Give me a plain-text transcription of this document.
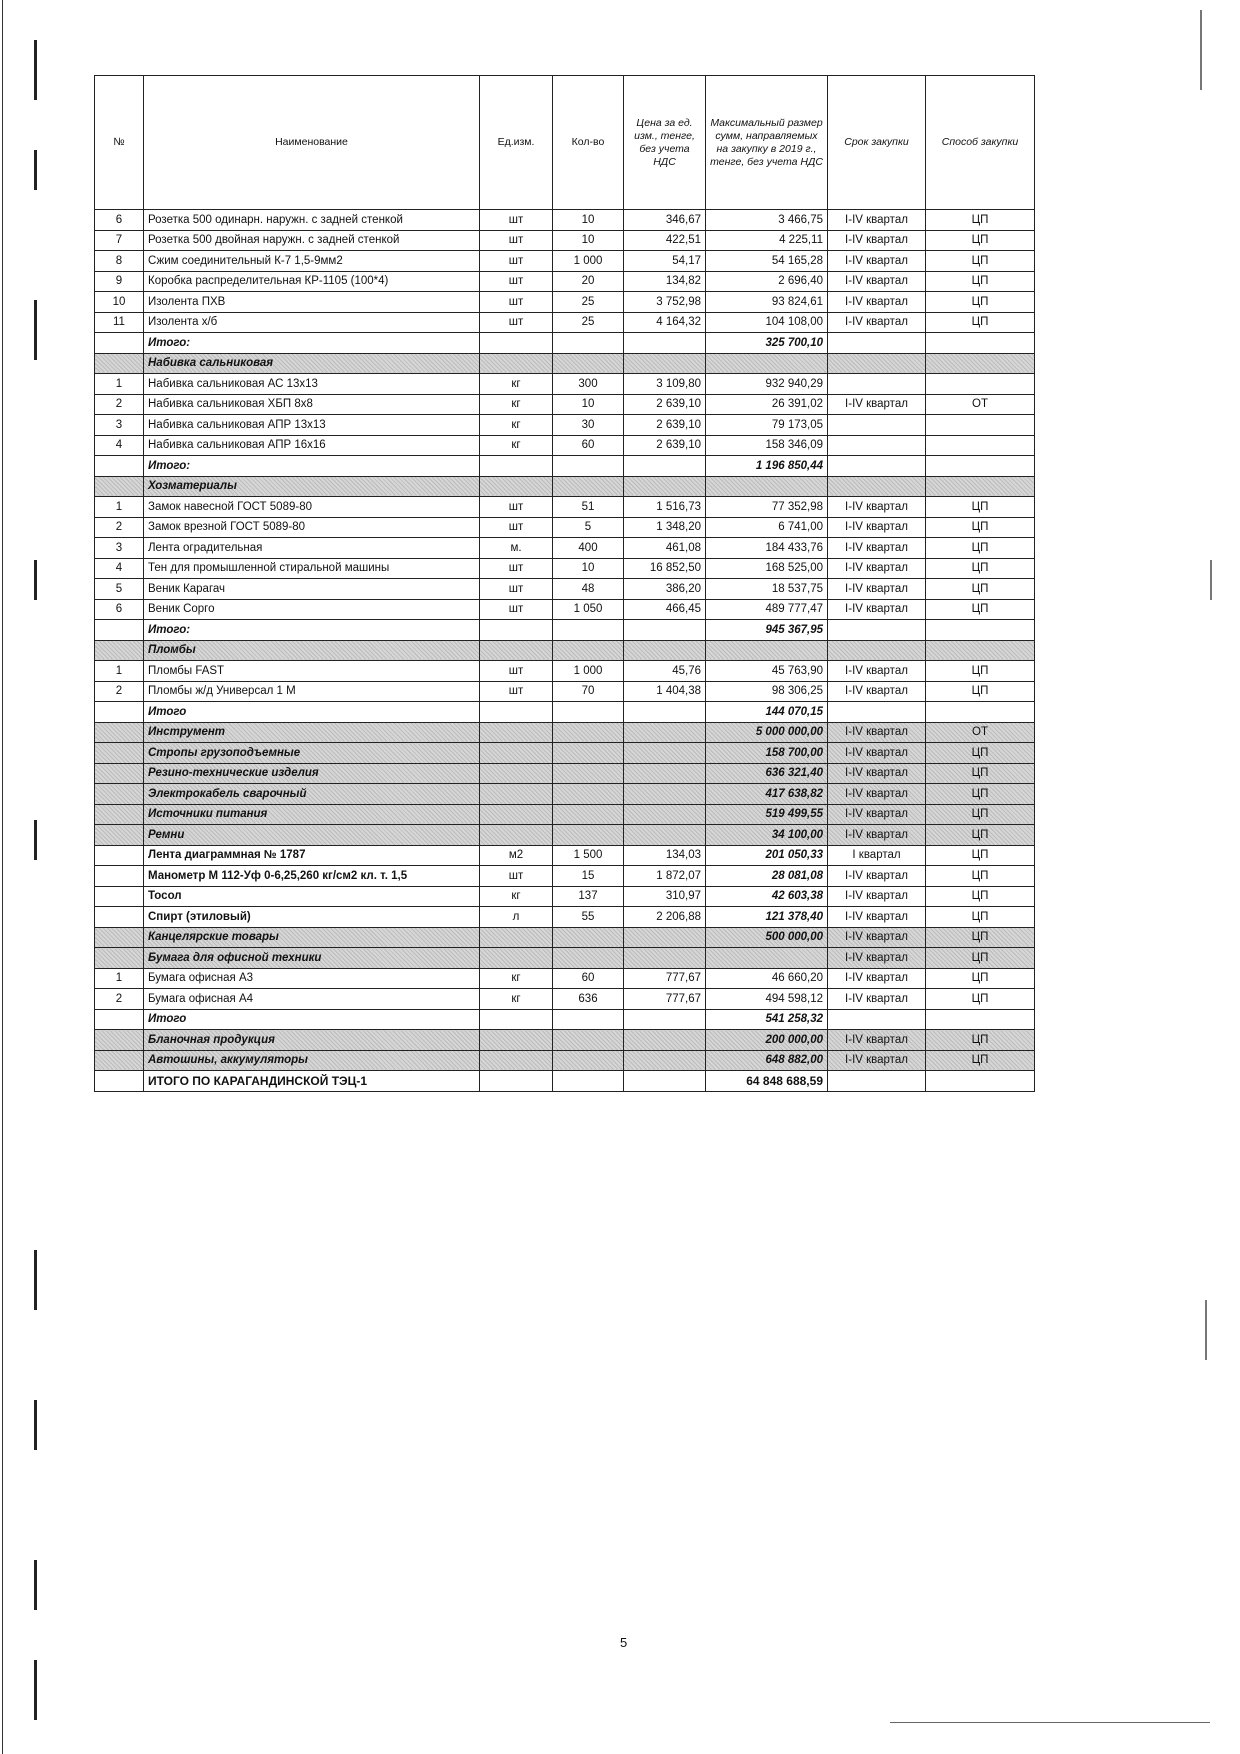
№	Наименование	Ед.изм.	Кол-во	Цена за ед. изм., тенге, без учета НДС	Максимальный размер сумм, направляемых на закупку в 2019 г., тенге, без учета НДС	Срок закупки	Способ закупки
6	Розетка 500 одинарн. наружн. с задней стенкой	шт	10	346,67	3 466,75	I-IV квартал	ЦП
7	Розетка 500 двойная наружн. с задней стенкой	шт	10	422,51	4 225,11	I-IV квартал	ЦП
8	Сжим соединительный К-7 1,5-9мм2	шт	1 000	54,17	54 165,28	I-IV квартал	ЦП
9	Коробка распределительная КР-1105 (100*4)	шт	20	134,82	2 696,40	I-IV квартал	ЦП
10	Изолента ПХВ	шт	25	3 752,98	93 824,61	I-IV квартал	ЦП
11	Изолента х/б	шт	25	4 164,32	104 108,00	I-IV квартал	ЦП
	Итого:				325 700,10		
	Набивка сальниковая						
1	Набивка сальниковая АС 13х13	кг	300	3 109,80	932 940,29		
2	Набивка сальниковая ХБП 8х8	кг	10	2 639,10	26 391,02	I-IV квартал	ОТ
3	Набивка сальниковая АПР 13х13	кг	30	2 639,10	79 173,05		
4	Набивка сальниковая АПР 16х16	кг	60	2 639,10	158 346,09		
	Итого:				1 196 850,44		
	Хозматериалы						
1	Замок навесной ГОСТ 5089-80	шт	51	1 516,73	77 352,98	I-IV квартал	ЦП
2	Замок врезной ГОСТ 5089-80	шт	5	1 348,20	6 741,00	I-IV квартал	ЦП
3	Лента оградительная	м.	400	461,08	184 433,76	I-IV квартал	ЦП
4	Тен для промышленной стиральной машины	шт	10	16 852,50	168 525,00	I-IV квартал	ЦП
5	Веник Карагач	шт	48	386,20	18 537,75	I-IV квартал	ЦП
6	Веник Сорго	шт	1 050	466,45	489 777,47	I-IV квартал	ЦП
	Итого:				945 367,95		
	Пломбы						
1	Пломбы FAST	шт	1 000	45,76	45 763,90	I-IV квартал	ЦП
2	Пломбы ж/д Универсал 1 М	шт	70	1 404,38	98 306,25	I-IV квартал	ЦП
	Итого				144 070,15		
	Инструмент				5 000 000,00	I-IV квартал	ОТ
	Стропы грузоподъемные				158 700,00	I-IV квартал	ЦП
	Резино-технические изделия				636 321,40	I-IV квартал	ЦП
	Электрокабель сварочный				417 638,82	I-IV квартал	ЦП
	Источники питания				519 499,55	I-IV квартал	ЦП
	Ремни				34 100,00	I-IV квартал	ЦП
	Лента диаграммная № 1787	м2	1 500	134,03	201 050,33	I квартал	ЦП
	Манометр М 112-Уф 0-6,25,260 кг/см2 кл. т. 1,5	шт	15	1 872,07	28 081,08	I-IV квартал	ЦП
	Тосол	кг	137	310,97	42 603,38	I-IV квартал	ЦП
	Спирт (этиловый)	л	55	2 206,88	121 378,40	I-IV квартал	ЦП
	Канцелярские товары				500 000,00	I-IV квартал	ЦП
	Бумага для офисной техники					I-IV квартал	ЦП
1	Бумага офисная А3	кг	60	777,67	46 660,20	I-IV квартал	ЦП
2	Бумага офисная А4	кг	636	777,67	494 598,12	I-IV квартал	ЦП
	Итого				541 258,32		
	Бланочная продукция				200 000,00	I-IV квартал	ЦП
	Автошины, аккумуляторы				648 882,00	I-IV квартал	ЦП
	ИТОГО ПО КАРАГАНДИНСКОЙ ТЭЦ-1				64 848 688,59		
5
